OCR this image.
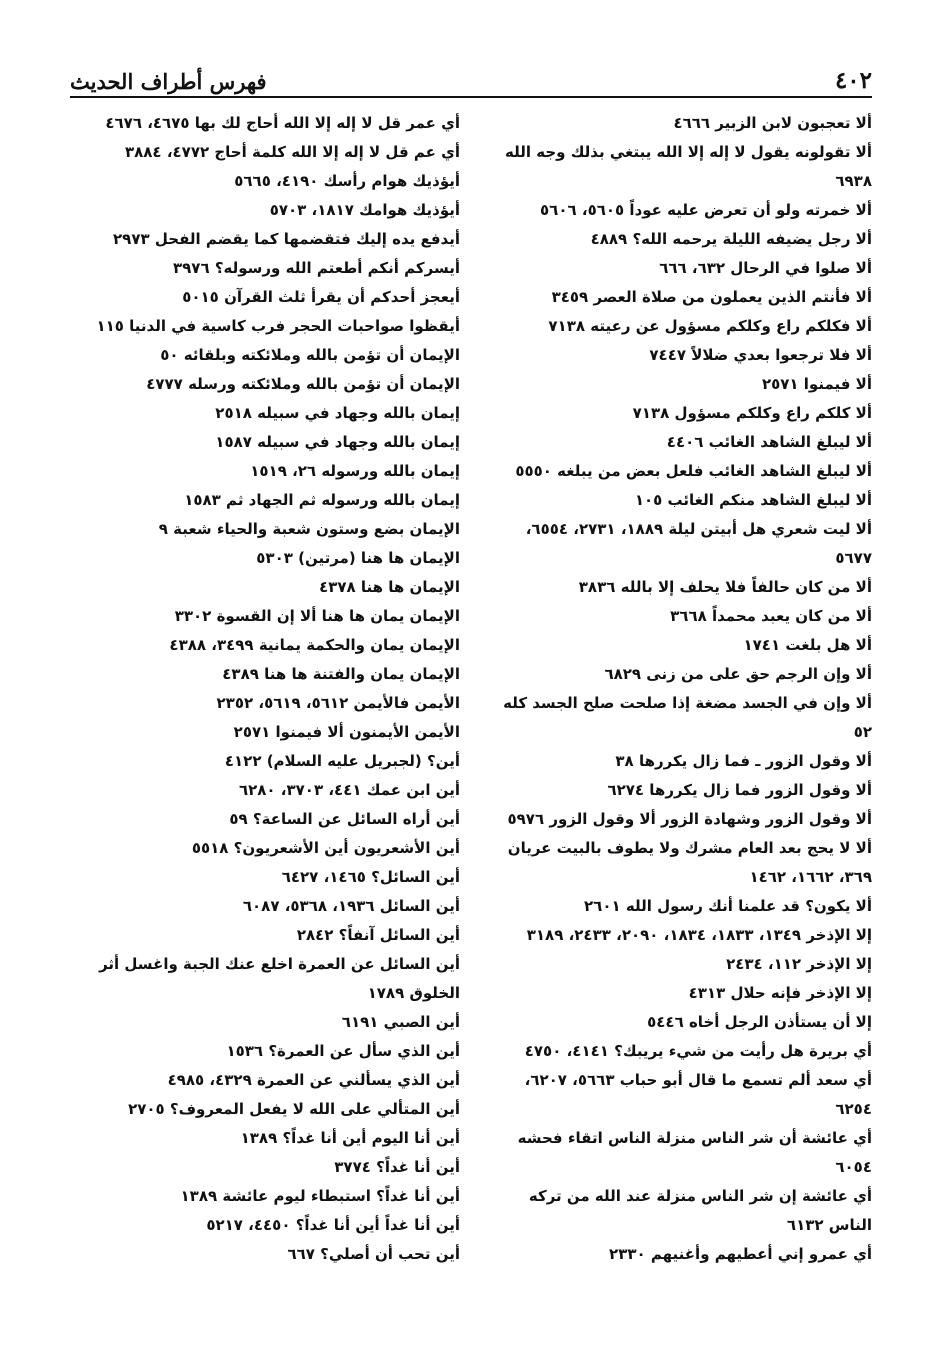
٤٠٢
فهرس أطراف الحديث
ألا تعجبون لابن الزبير ٤٦٦٦
ألا تقولونه يقول لا إله إلا الله يبتغي بذلك وجه الله ٦٩٣٨
ألا خمرته ولو أن تعرض عليه عوداً ٥٦٠٥، ٥٦٠٦
ألا رجل يضيفه الليلة يرحمه الله؟ ٤٨٨٩
ألا صلوا في الرحال ٦٣٢، ٦٦٦
ألا فأنتم الذين يعملون من صلاة العصر ٣٤٥٩
ألا فكلكم راع وكلكم مسؤول عن رعيته ٧١٣٨
ألا فلا ترجعوا بعدي ضلالاً ٧٤٤٧
ألا فيمنوا ٢٥٧١
ألا كلكم راع وكلكم مسؤول ٧١٣٨
ألا ليبلغ الشاهد الغائب ٤٤٠٦
ألا ليبلغ الشاهد الغائب فلعل بعض من يبلغه ٥٥٥٠
ألا ليبلغ الشاهد منكم الغائب ١٠٥
ألا ليت شعري هل أبيتن ليلة ١٨٨٩، ٢٧٣١، ٦٥٥٤، ٥٦٧٧
ألا من كان حالفاً فلا يحلف إلا بالله ٣٨٣٦
ألا من كان يعبد محمداً ٣٦٦٨
ألا هل بلغت ١٧٤١
ألا وإن الرجم حق على من زنى ٦٨٢٩
ألا وإن في الجسد مضغة إذا صلحت صلح الجسد كله ٥٢
ألا وقول الزور ـ فما زال يكررها ٣٨
ألا وقول الزور فما زال يكررها ٦٢٧٤
ألا وقول الزور وشهادة الزور ألا وقول الزور ٥٩٧٦
ألا لا يحج بعد العام مشرك ولا يطوف بالبيت عريان ٣٦٩، ١٦٦٢، ١٤٦٢
ألا يكون؟ قد علمنا أنك رسول الله ٢٦٠١
إلا الإذخر ١٣٤٩، ١٨٣٣، ١٨٣٤، ٢٠٩٠، ٢٤٣٣، ٣١٨٩
إلا الإذخر ١١٢، ٢٤٣٤
إلا الإذخر فإنه حلال ٤٣١٣
إلا أن يستأذن الرجل أخاه ٥٤٤٦
أي بريرة هل رأيت من شيء يريبك؟ ٤١٤١، ٤٧٥٠
أي سعد ألم تسمع ما قال أبو حباب ٥٦٦٣، ٦٢٠٧، ٦٢٥٤
أي عائشة أن شر الناس منزلة الناس اتقاء فحشه ٦٠٥٤
أي عائشة إن شر الناس منزلة عند الله من تركه الناس ٦١٣٢
أي عمرو إني أعطيهم وأغنيهم ٢٣٣٠
أي عمر قل لا إله إلا الله أحاج لك بها ٤٦٧٥، ٤٦٧٦
أي عم قل لا إله إلا الله كلمة أحاج ٤٧٧٢، ٣٨٨٤
أيؤذيك هوام رأسك ٤١٩٠، ٥٦٦٥
أيؤذيك هوامك ١٨١٧، ٥٧٠٣
أيدفع يده إليك فتقضمها كما يقضم الفحل ٢٩٧٣
أيسركم أنكم أطعتم الله ورسوله؟ ٣٩٧٦
أيعجز أحدكم أن يقرأ ثلث القرآن ٥٠١٥
أيقظوا صواحبات الحجر فرب كاسية في الدنيا ١١٥
الإيمان أن تؤمن بالله وملائكته وبلقائه ٥٠
الإيمان أن تؤمن بالله وملائكته ورسله ٤٧٧٧
إيمان بالله وجهاد في سبيله ٢٥١٨
إيمان بالله وجهاد في سبيله ١٥٨٧
إيمان بالله ورسوله ٢٦، ١٥١٩
إيمان بالله ورسوله ثم الجهاد ثم ١٥٨٣
الإيمان بضع وستون شعبة والحياء شعبة ٩
الإيمان ها هنا (مرتين) ٥٣٠٣
الإيمان ها هنا ٤٣٧٨
الإيمان يمان ها هنا ألا إن القسوة ٣٣٠٢
الإيمان يمان والحكمة يمانية ٣٤٩٩، ٤٣٨٨
الإيمان يمان والفتنة ها هنا ٤٣٨٩
الأيمن فالأيمن ٥٦١٢، ٥٦١٩، ٢٣٥٢
الأيمن الأيمنون ألا فيمنوا ٢٥٧١
أين؟ (لجبريل عليه السلام) ٤١٢٢
أين ابن عمك ٤٤١، ٣٧٠٣، ٦٢٨٠
أين أراه السائل عن الساعة؟ ٥٩
أين الأشعريون أين الأشعريون؟ ٥٥١٨
أين السائل؟ ١٤٦٥، ٦٤٢٧
أين السائل ١٩٣٦، ٥٣٦٨، ٦٠٨٧
أين السائل آنفاً؟ ٢٨٤٢
أين السائل عن العمرة اخلع عنك الجبة واغسل أثر الخلوق ١٧٨٩
أين الصبي ٦١٩١
أين الذي سأل عن العمرة؟ ١٥٣٦
أين الذي يسألني عن العمرة ٤٣٢٩، ٤٩٨٥
أين المتألي على الله لا يفعل المعروف؟ ٢٧٠٥
أين أنا اليوم أين أنا غداً؟ ١٣٨٩
أين أنا غداً؟ ٣٧٧٤
أين أنا غداً؟ استبطاء ليوم عائشة ١٣٨٩
أين أنا غداً أين أنا غداً؟ ٤٤٥٠، ٥٢١٧
أين تحب أن أصلي؟ ٦٦٧
